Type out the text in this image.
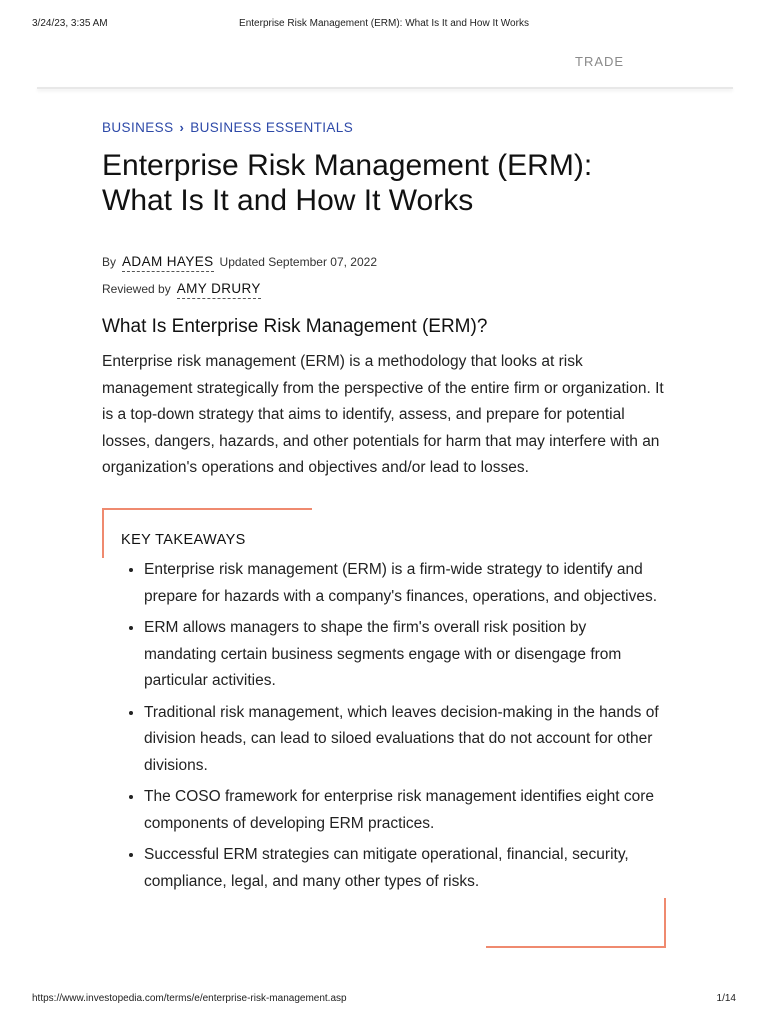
3/24/23, 3:35 AM	Enterprise Risk Management (ERM): What Is It and How It Works
TRADE
BUSINESS › BUSINESS ESSENTIALS
Enterprise Risk Management (ERM):
What Is It and How It Works
By ADAM HAYES Updated September 07, 2022
Reviewed by AMY DRURY
What Is Enterprise Risk Management (ERM)?

Enterprise risk management (ERM) is a methodology that looks at risk management strategically from the perspective of the entire firm or organization. It is a top-down strategy that aims to identify, assess, and prepare for potential losses, dangers, hazards, and other potentials for harm that may interfere with an organization's operations and objectives and/or lead to losses.

KEY TAKEAWAYS
• Enterprise risk management (ERM) is a firm-wide strategy to identify and prepare for hazards with a company's finances, operations, and objectives.
• ERM allows managers to shape the firm's overall risk position by mandating certain business segments engage with or disengage from particular activities.
• Traditional risk management, which leaves decision-making in the hands of division heads, can lead to siloed evaluations that do not account for other divisions.
• The COSO framework for enterprise risk management identifies eight core components of developing ERM practices.
• Successful ERM strategies can mitigate operational, financial, security, compliance, legal, and many other types of risks.
https://www.investopedia.com/terms/e/enterprise-risk-management.asp	1/14
